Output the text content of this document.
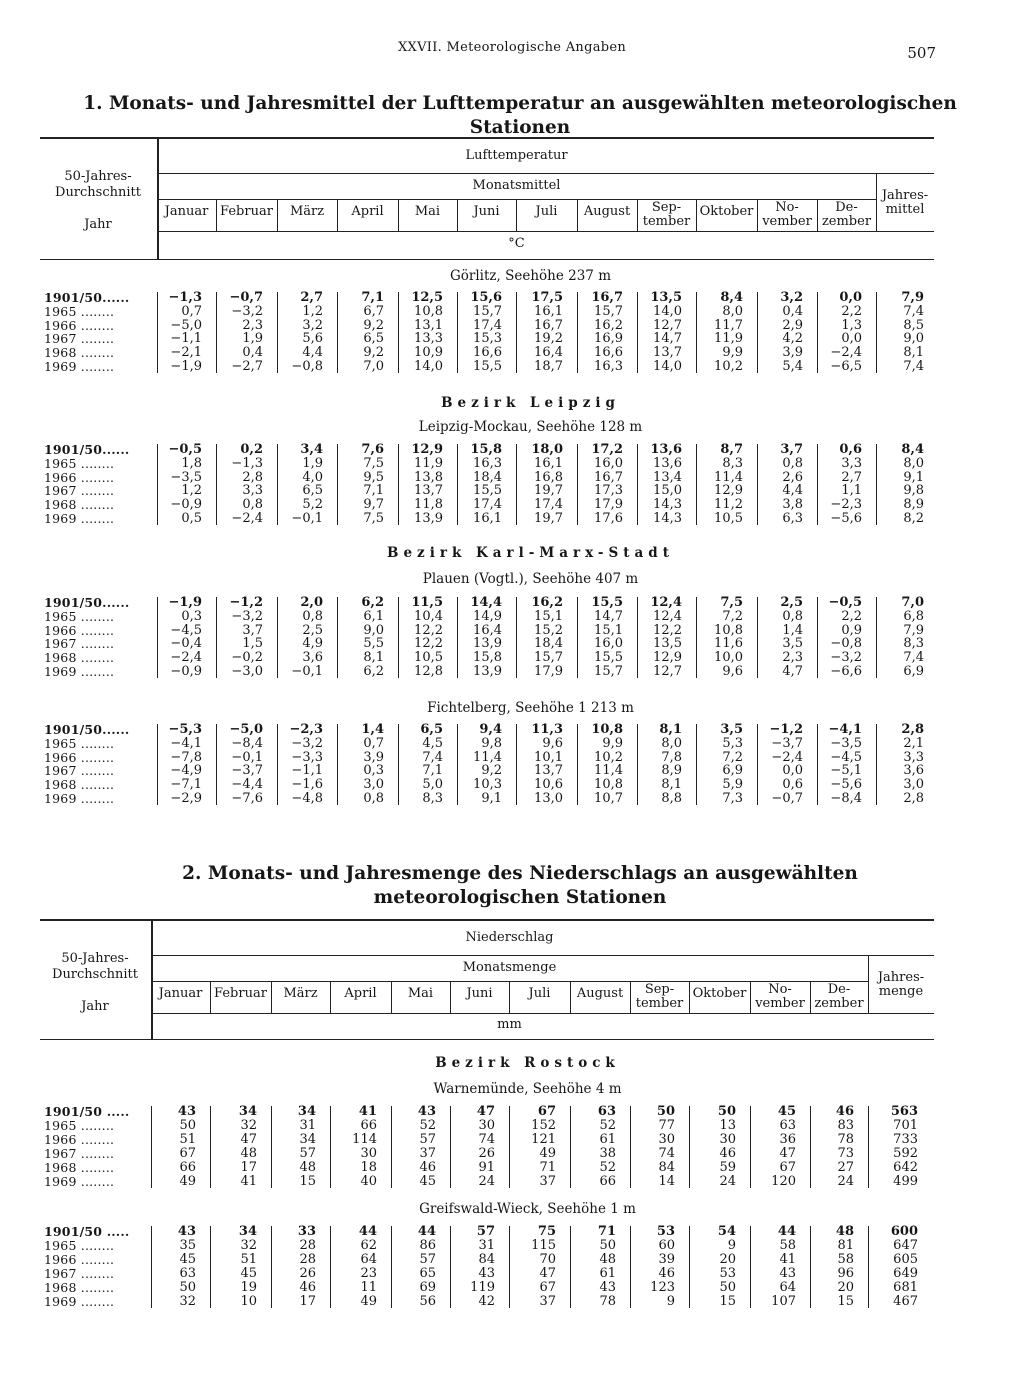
XXVII. Meteorologische Angaben	507
1. Monats- und Jahresmittel der Lufttemperatur an ausgewählten meteorologischen Stationen
50-Jahres-
Durchschnitt

Jahr
Lufttemperatur
Monatsmittel
Jahres-
mittel
Januar Februar	März	April	Mai	Juni	Juli	August	Sep-
tember
Oktober	No-
vember
De-
zember
°C
Görlitz, Seehöhe 237 m
1901/50......	−1,3	−0,7	2,7	7,1	12,5	15,6	17,5	16,7	13,5	8,4	3,2	0,0	7,9
1965 ........	0,7	−3,2	1,2	6,7	10,8	15,7	16,1	15,7	14,0	8,0	0,4	2,2	7,4
1966 ........	−5,0	2,3	3,2	9,2	13,1	17,4	16,7	16,2	12,7	11,7	2,9	1,3	8,5
1967 ........	−1,1	1,9	5,6	6,5	13,3	15,3	19,2	16,9	14,7	11,9	4,2	0,0	9,0
1968 ........	−2,1	0,4	4,4	9,2	10,9	16,6	16,4	16,6	13,7	9,9	3,9	−2,4	8,1
1969 ........	−1,9	−2,7	−0,8	7,0	14,0	15,5	18,7	16,3	14,0	10,2	5,4	−6,5	7,4
Bezirk Leipzig
Leipzig-Mockau, Seehöhe 128 m
1901/50......	−0,5	0,2	3,4	7,6	12,9	15,8	18,0	17,2	13,6	8,7	3,7	0,6	8,4
1965 ........	1,8	−1,3	1,9	7,5	11,9	16,3	16,1	16,0	13,6	8,3	0,8	3,3	8,0
1966 ........	−3,5	2,8	4,0	9,5	13,8	18,4	16,8	16,7	13,4	11,4	2,6	2,7	9,1
1967 ........	1,2	3,3	6,5	7,1	13,7	15,5	19,7	17,3	15,0	12,9	4,4	1,1	9,8
1968 ........	−0,9	0,8	5,2	9,7	11,8	17,4	17,4	17,9	14,3	11,2	3,8	−2,3	8,9
1969 ........	0,5	−2,4	−0,1	7,5	13,9	16,1	19,7	17,6	14,3	10,5	6,3	−5,6	8,2
Bezirk Karl-Marx-Stadt
Plauen (Vogtl.), Seehöhe 407 m
1901/50......	−1,9	−1,2	2,0	6,2	11,5	14,4	16,2	15,5	12,4	7,5	2,5	−0,5	7,0
1965 ........	0,3	−3,2	0,8	6,1	10,4	14,9	15,1	14,7	12,4	7,2	0,8	2,2	6,8
1966 ........	−4,5	3,7	2,5	9,0	12,2	16,4	15,2	15,1	12,2	10,8	1,4	0,9	7,9
1967 ........	−0,4	1,5	4,9	5,5	12,2	13,9	18,4	16,0	13,5	11,6	3,5	−0,8	8,3
1968 ........	−2,4	−0,2	3,6	8,1	10,5	15,8	15,7	15,5	12,9	10,0	2,3	−3,2	7,4
1969 ........	−0,9	−3,0	−0,1	6,2	12,8	13,9	17,9	15,7	12,7	9,6	4,7	−6,6	6,9
Fichtelberg, Seehöhe 1 213 m
1901/50......	−5,3	−5,0	−2,3	1,4	6,5	9,4	11,3	10,8	8,1	3,5	−1,2	−4,1	2,8
1965 ........	−4,1	−8,4	−3,2	0,7	4,5	9,8	9,6	9,9	8,0	5,3	−3,7	−3,5	2,1
1966 ........	−7,8	−0,1	−3,3	3,9	7,4	11,4	10,1	10,2	7,8	7,2	−2,4	−4,5	3,3
1967 ........	−4,9	−3,7	−1,1	0,3	7,1	9,2	13,7	11,4	8,9	6,9	0,0	−5,1	3,6
1968 ........	−7,1	−4,4	−1,6	3,0	5,0	10,3	10,6	10,8	8,1	5,9	0,6	−5,6	3,0
1969 ........	−2,9	−7,6	−4,8	0,8	8,3	9,1	13,0	10,7	8,8	7,3	−0,7	−8,4	2,8
2. Monats- und Jahresmenge des Niederschlags an ausgewählten
meteorologischen Stationen
50-Jahres-
Durchschnitt

Jahr
Niederschlag
Monatsmenge
Jahres-
menge
Januar Februar	März	April	Mai	Juni	Juli	August	Sep-
tember
Oktober	No-
vember
De-
zember
mm
Bezirk Rostock
Warnemünde, Seehöhe 4 m
1901/50 .....	43	34	34	41	43	47	67	63	50	50	45	46	563
1965 ........	50	32	31	66	52	30	152	52	77	13	63	83	701
1966 ........	51	47	34	114	57	74	121	61	30	30	36	78	733
1967 ........	67	48	57	30	37	26	49	38	74	46	47	73	592
1968 ........	66	17	48	18	46	91	71	52	84	59	67	27	642
1969 ........	49	41	15	40	45	24	37	66	14	24	120	24	499
Greifswald-Wieck, Seehöhe 1 m
1901/50 .....	43	34	33	44	44	57	75	71	53	54	44	48	600
1965 ........	35	32	28	62	86	31	115	50	60	9	58	81	647
1966 ........	45	51	28	64	57	84	70	48	39	20	41	58	605
1967 ........	63	45	26	23	65	43	47	61	46	53	43	96	649
1968 ........	50	19	46	11	69	119	67	43	123	50	64	20	681
1969 ........	32	10	17	49	56	42	37	78	9	15	107	15	467
